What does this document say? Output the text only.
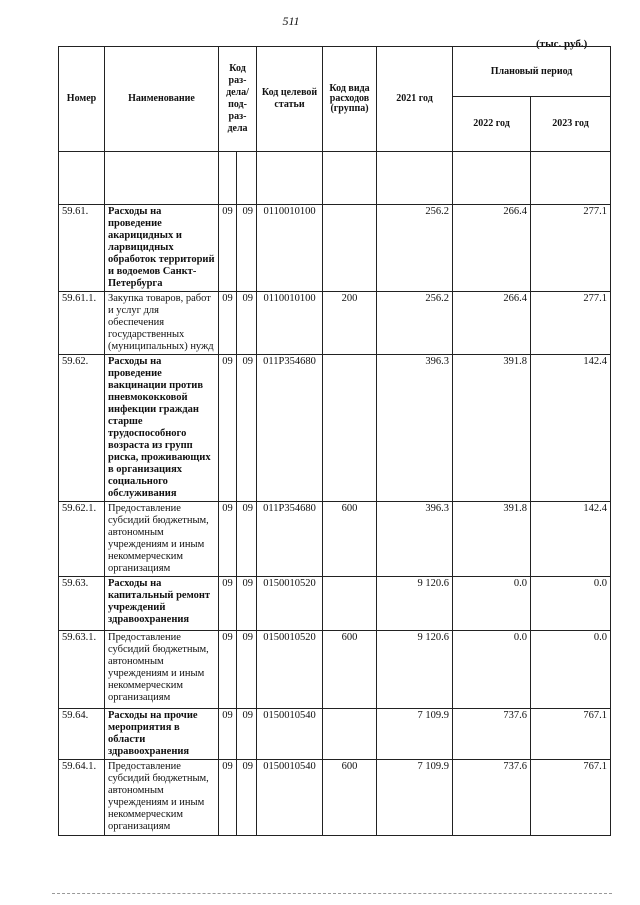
511
(тыс. руб.)
Номер	Наименование	Код раз-дела/ под-раз-дела		Код целевой статьи	Код вида расходов (группа)	2021 год	Плановый период	
							2022 год	2023 год

59.61.	Расходы на проведение акарицидных и ларвицидных обработок территорий и водоемов Санкт-Петербурга	09	09	0110010100		256.2	266.4	277.1
59.61.1.	Закупка товаров, работ и услуг для обеспечения государственных (муниципальных) нужд	09	09	0110010100	200	256.2	266.4	277.1
59.62.	Расходы на проведение вакцинации против пневмококковой инфекции граждан старше трудоспособного возраста из групп риска, проживающих в организациях социального обслуживания	09	09	011P354680		396.3	391.8	142.4
59.62.1.	Предоставление субсидий бюджетным, автономным учреждениям и иным некоммерческим организациям	09	09	011P354680	600	396.3	391.8	142.4
59.63.	Расходы на капитальный ремонт учреждений здравоохранения	09	09	0150010520		9 120.6	0.0	0.0
59.63.1.	Предоставление субсидий бюджетным, автономным учреждениям и иным некоммерческим организациям	09	09	0150010520	600	9 120.6	0.0	0.0
59.64.	Расходы на прочие мероприятия в области здравоохранения	09	09	0150010540		7 109.9	737.6	767.1
59.64.1.	Предоставление субсидий бюджетным, автономным учреждениям и иным некоммерческим организациям	09	09	0150010540	600	7 109.9	737.6	767.1
